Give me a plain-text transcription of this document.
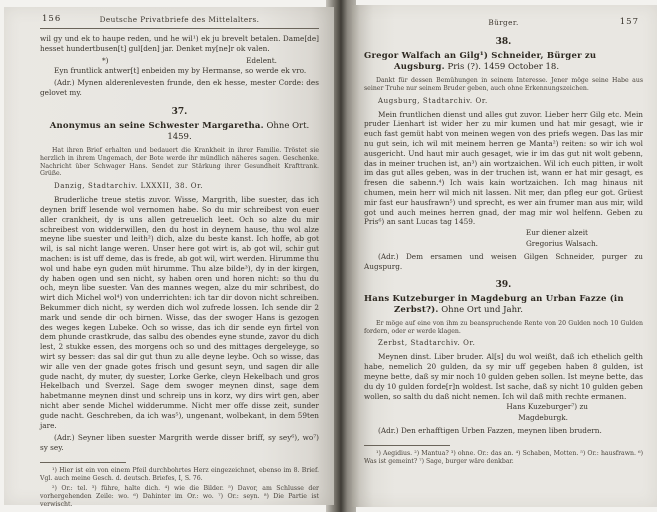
156	Deutsche Privatbriefe des Mittelalters.

wil gy und ek to haupe reden, und he wil¹) ek ju brevelt betalen. Dame[de] hesset hundertbusen[t] gul[den] jar. Denket my[ne]r ok valen.

*)	Edelent.

Eyn fruntlick antwer[t] enbeiden my by Hermanse, so werde ek vro.

(Adr.) Mynen alderenlevesten frunde, den ek hesse, mester Corde: des gelovet my.

37.

Anonymus an seine Schwester Margaretha. Ohne Ort. 1459.

Hat ihren Brief erhalten und bedauert die Krankheit in ihrer Familie. Tröstet sie herzlich in ihrem Ungemach, der Bote werde ihr mündlich näheres sagen. Geschenke. Nachricht über Schwager Hans. Sendet zur Stärkung ihrer Gesundheit Krafttrank. Grüße.

Danzig, Stadtarchiv. LXXXII, 38. Or.

Bruderliche treue stetis zuvor. Wisse, Margrith, libe suester, das ich deynen briff lesende wol vernomen habe. So du mir schreibest von euer aller crankheit, dy is uns allen getreuelich leet. Och so alze du mir schreibest von widderwillen, den du host in deynem hause, thu wol alze meyne libe suester und leith²) dich, alze du beste kanst. Ich hoffe, ab got wil, is sal nicht lange weren. Unser here got wirt is, ab got wil, schir gut machen: is ist uff deme, das is frede, ab got wil, wirt werden. Hirumme thu wol und habe eyn guden müt hirumme. Thu alze bilde³), dy in der kirgen, dy haben ogen und sen nicht, sy haben oren und horen nicht: so thu du och, meyn libe suester. Van des mannes wegen, alze du mir schribest, do wirt dich Michel wol⁴) von underrichten: ich tar dir dovon nicht schreiben. Bekummer dich nicht, sy werden dich wol zufrede lossen. Ich sende dir 2 mark und sende dir och birnen. Wisse, das der swoger Hans is gezogen des weges kegen Lubeke. Och so wisse, das ich dir sende eyn firtel von dem phunde crastkrude, das salbu des obendes eyne stunde, zavor du dich lest, 2 stukke essen, des morgens och so und des mittages dergeleyge, so wirt sy besser: das sal dir gut thun zu alle deyne leybe. Och so wisse, das wir alle ven der gnade gotes frisch und gesunt seyn, und sagen dir alle gude nacht, dy muter, dy suester, Lorke Gerke, cleyn Hekelbach und gros Hekelbach und Sverzel. Sage dem swoger meynen dinst, sage dem habetmanne meynen dinst und schreip uns in korz, wy dirs wirt gen, aber nicht aber sende Michel widderumme. Nicht mer offe disse zeit, sunder gude nacht. Geschreben, da ich was⁵), ungenant, wolbekant, in dem 59ten jare.

(Adr.) Seyner liben suester Margrith werde disser briff, sy sey⁶), wo⁷) sy sey.

¹) Hier ist ein von einem Pfeil durchbohrtes Herz eingezeichnet, ebenso im 8. Brief. Vgl. auch meine Gesch. d. deutsch. Briefes, I, S. 76.

²) Or.: tel. ³) führe, halte dich. ⁴) wie die Bilder. ⁵) Davor, am Schlusse der vorhergehenden Zeile: wo. ⁶) Dahinter im Or.: wo. ⁷) Or.: seyn. ⁸) Die Partie ist verwischt.

Bürger.	157
38.

Gregor Walfach an Gilg¹) Schneider, Bürger zu Augsburg. Pris (?). 1459 October 18.

Dankt für dessen Bemühungen in seinem Interesse. Jener möge seine Habe aus seiner Truhe nur seinem Bruder geben, auch ohne Erkennungszeichen.

Augsburg, Stadtarchiv. Or.

Mein fruntlichen dienst und alles gut zuvor. Lieber herr Gilg etc. Mein pruder Lienhart ist wider her zu mir kumen und hat mir gesagt, wie ir euch fast gemüt habt von meinen wegen von des priefs wegen. Das las mir nu gut sein, ich wil mit meinem herren ge Manta²) reiten: so wir ich wol ausgericht. Und haut mir auch gesaget, wie ir im das gut nit wolt gebenn, das in meiner truchen ist, an³) ain wortzaichen. Wil ich euch pitten, ir wolt im das gut alles geben, was in der truchen ist, wann er hat mir gesagt, es fresen die sabenn.⁴) Ich wais kain wortzaichen. Ich mag hinaus nit chumen, mein herr wil mich nit lassen. Nit mer, dan pfleg eur got. Grüest mir fast eur hausfrawn⁵) und sprecht, es wer ain frumer man aus mir, wild got und auch meines herren gnad, der mag mir wol helfenn. Geben zu Pris⁶) an sant Lucas tag 1459.

Eur diener alzeit

Gregorius Walsach.

(Adr.) Dem ersamen und weisen Gilgen Schneider, purger zu Augspurg.

39.

Hans Kutzeburger in Magdeburg an Urban Fazze (in Zerbst?). Ohne Ort und Jahr.

Er möge auf eine von ihm zu beanspruchende Rente von 20 Gulden noch 10 Gulden fordern, oder er werde klagen.

Zerbst, Stadtarchiv. Or.

Meynen dinst. Liber bruder. Al[s] du wol weißt, daß ich ethelich gelth habe, nemelich 20 gulden, da sy mir uff gegeben haben 8 gulden, ist meyne bette, daß sy mir noch 10 gulden geben sollen. Ist meyne bette, das du dy 10 gulden forde[r]n woldest. Ist sache, daß sy nicht 10 gulden geben wollen, so salth du daß nicht nemen. Ich wil daß mith rechte ermanen.

Hans Kuzeburger⁷) zu

Magdeburgk.

(Adr.) Den erhafftigen Urben Fazzen, meynen liben brudern.

¹) Aegidius. ²) Mantua? ³) ohne. Or.: das an. ⁴) Schaben, Motten. ⁵) Or.: hausfrawn. ⁶) Was ist gemeint? ⁷) Sage, burger wäre denkbar.
